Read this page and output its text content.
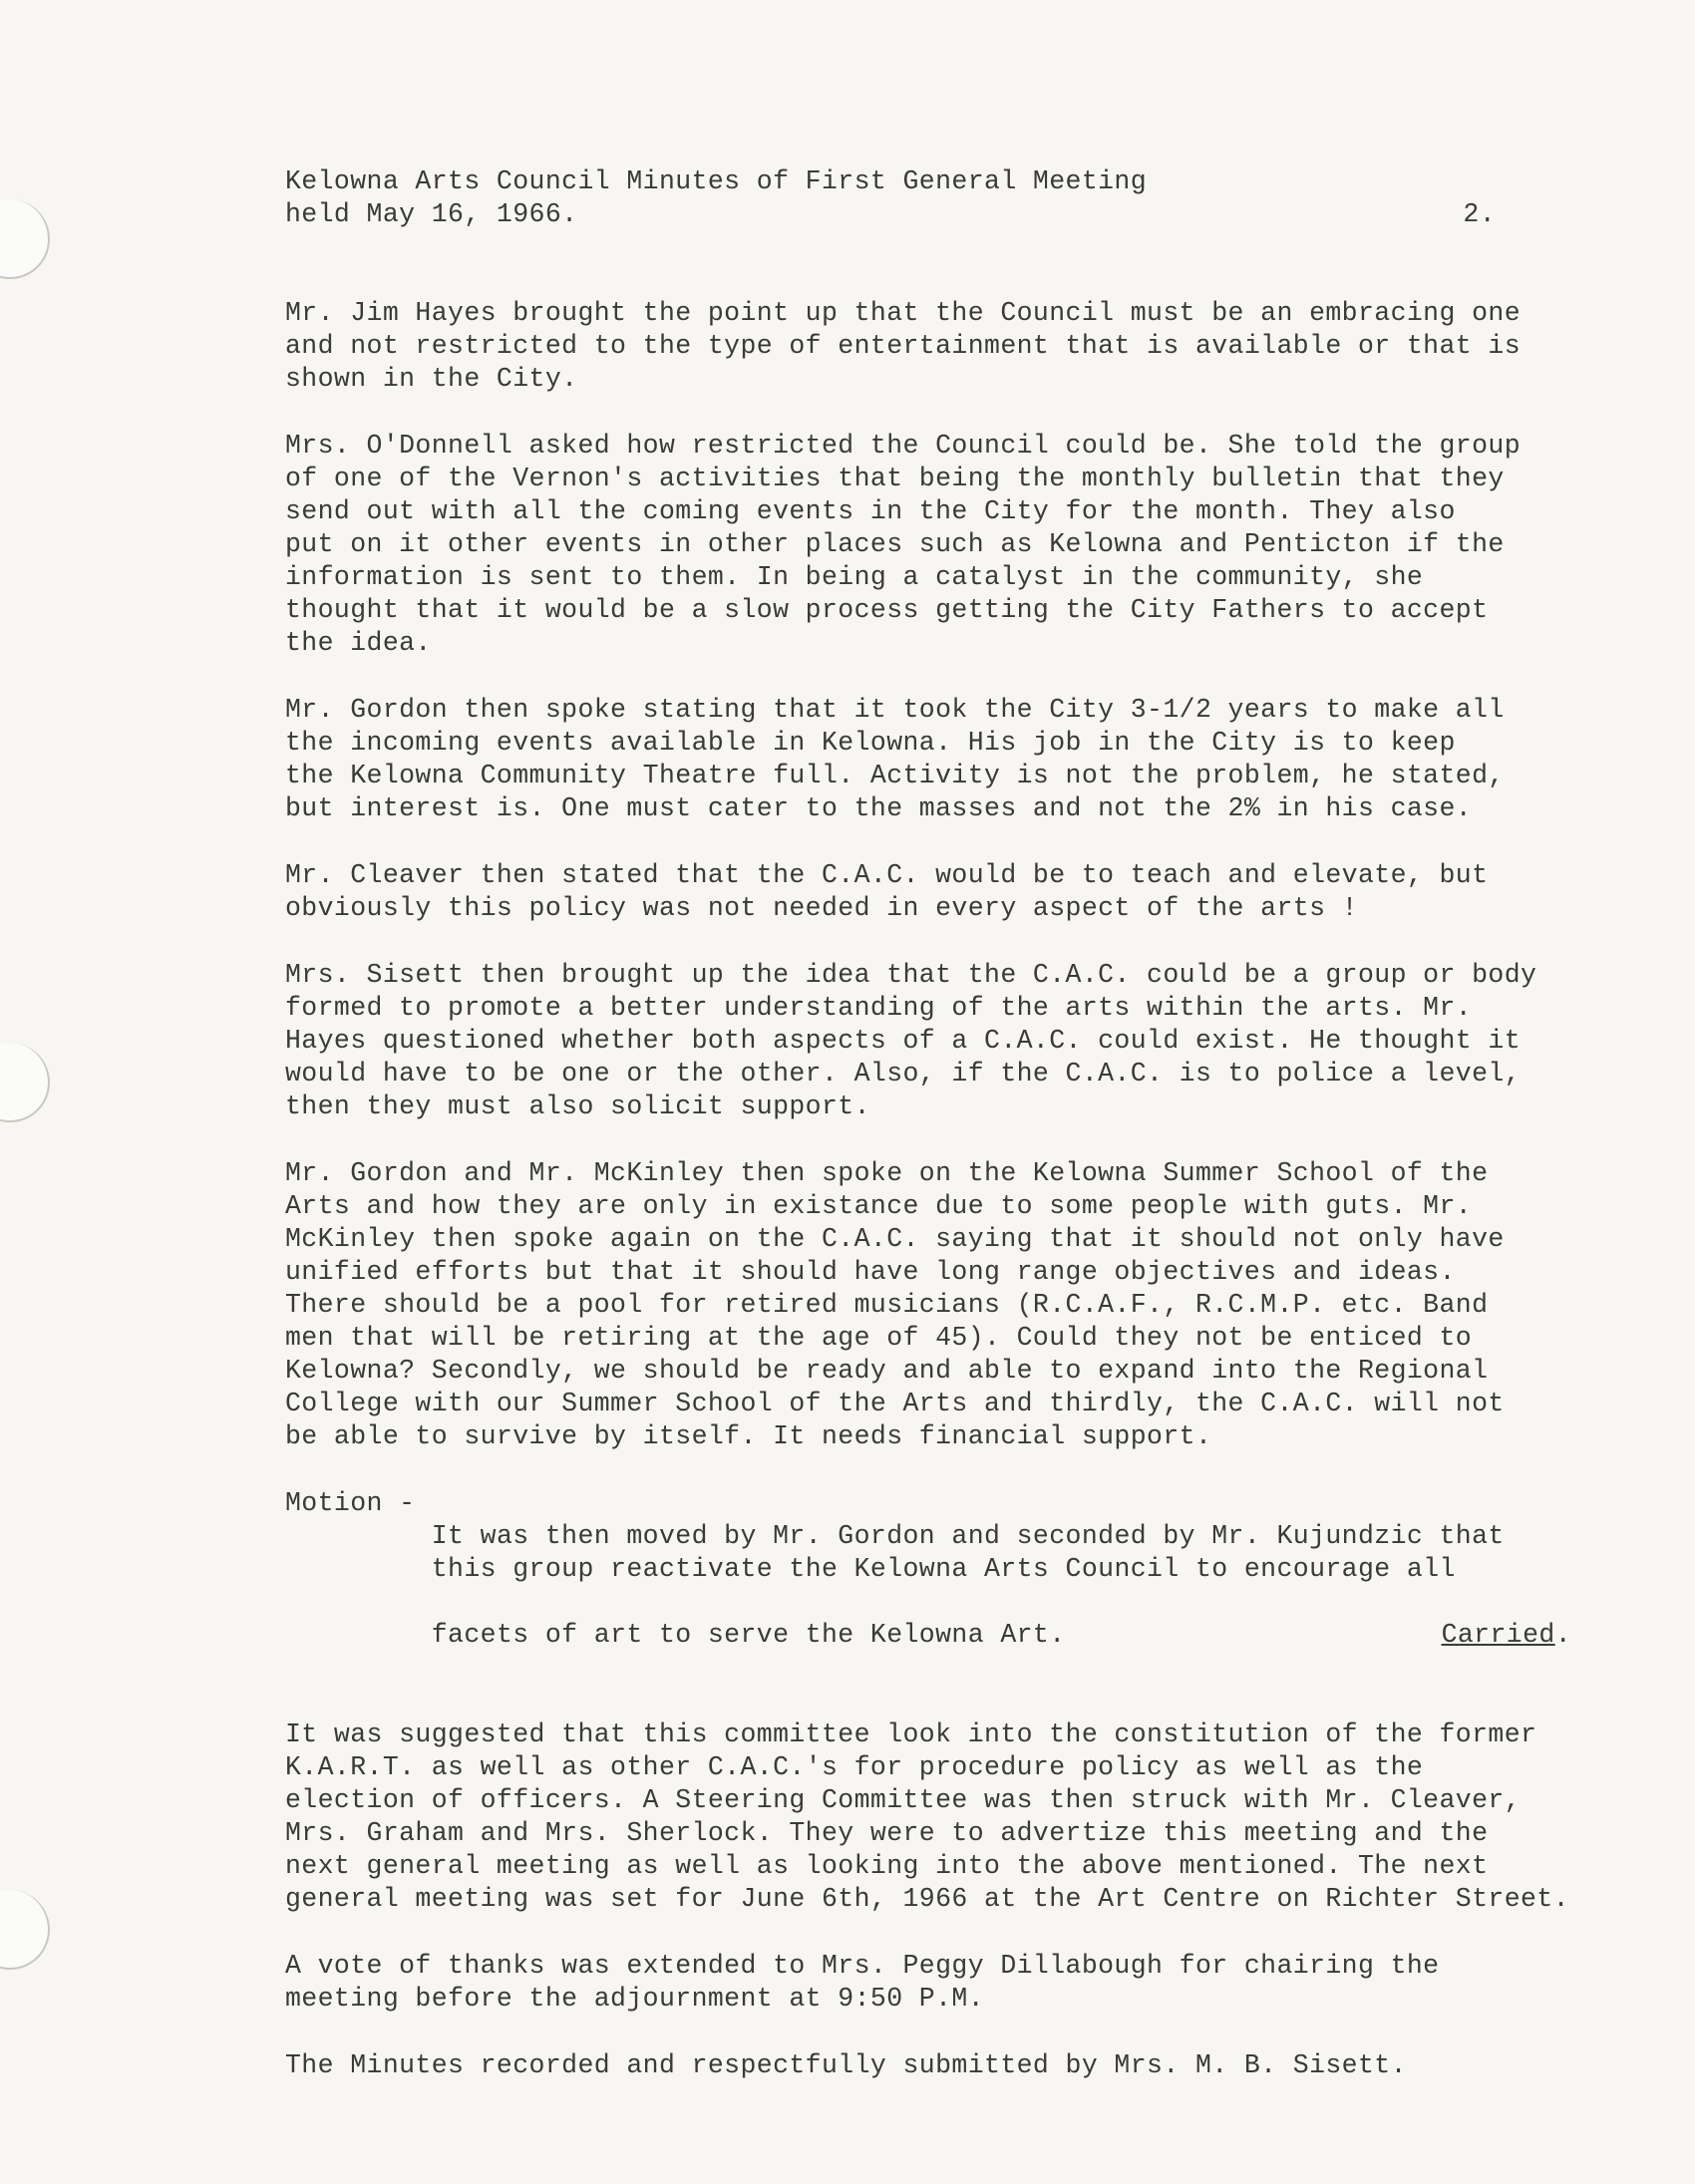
Kelowna Arts Council Minutes of First General Meeting
held May 16, 1966.	2.

Mr. Jim Hayes brought the point up that the Council must be an embracing one
and not restricted to the type of entertainment that is available or that is
shown in the City.

Mrs. O'Donnell asked how restricted the Council could be. She told the group
of one of the Vernon's activities that being the monthly bulletin that they
send out with all the coming events in the City for the month. They also
put on it other events in other places such as Kelowna and Penticton if the
information is sent to them. In being a catalyst in the community, she
thought that it would be a slow process getting the City Fathers to accept
the idea.

Mr. Gordon then spoke stating that it took the City 3-1/2 years to make all
the incoming events available in Kelowna. His job in the City is to keep
the Kelowna Community Theatre full. Activity is not the problem, he stated,
but interest is. One must cater to the masses and not the 2% in his case.

Mr. Cleaver then stated that the C.A.C. would be to teach and elevate, but
obviously this policy was not needed in every aspect of the arts !

Mrs. Sisett then brought up the idea that the C.A.C. could be a group or body
formed to promote a better understanding of the arts within the arts. Mr.
Hayes questioned whether both aspects of a C.A.C. could exist. He thought it
would have to be one or the other. Also, if the C.A.C. is to police a level,
then they must also solicit support.

Mr. Gordon and Mr. McKinley then spoke on the Kelowna Summer School of the
Arts and how they are only in existance due to some people with guts. Mr.
McKinley then spoke again on the C.A.C. saying that it should not only have
unified efforts but that it should have long range objectives and ideas.
There should be a pool for retired musicians (R.C.A.F., R.C.M.P. etc. Band
men that will be retiring at the age of 45). Could they not be enticed to
Kelowna? Secondly, we should be ready and able to expand into the Regional
College with our Summer School of the Arts and thirdly, the C.A.C. will not
be able to survive by itself. It needs financial support.

Motion -

It was then moved by Mr. Gordon and seconded by Mr. Kujundzic that
this group reactivate the Kelowna Arts Council to encourage all

facets of art to serve the Kelowna Art.	Carried.

It was suggested that this committee look into the constitution of the former
K.A.R.T. as well as other C.A.C.'s for procedure policy as well as the
election of officers. A Steering Committee was then struck with Mr. Cleaver,
Mrs. Graham and Mrs. Sherlock. They were to advertize this meeting and the
next general meeting as well as looking into the above mentioned. The next
general meeting was set for June 6th, 1966 at the Art Centre on Richter Street.

A vote of thanks was extended to Mrs. Peggy Dillabough for chairing the
meeting before the adjournment at 9:50 P.M.

The Minutes recorded and respectfully submitted by Mrs. M. B. Sisett.
